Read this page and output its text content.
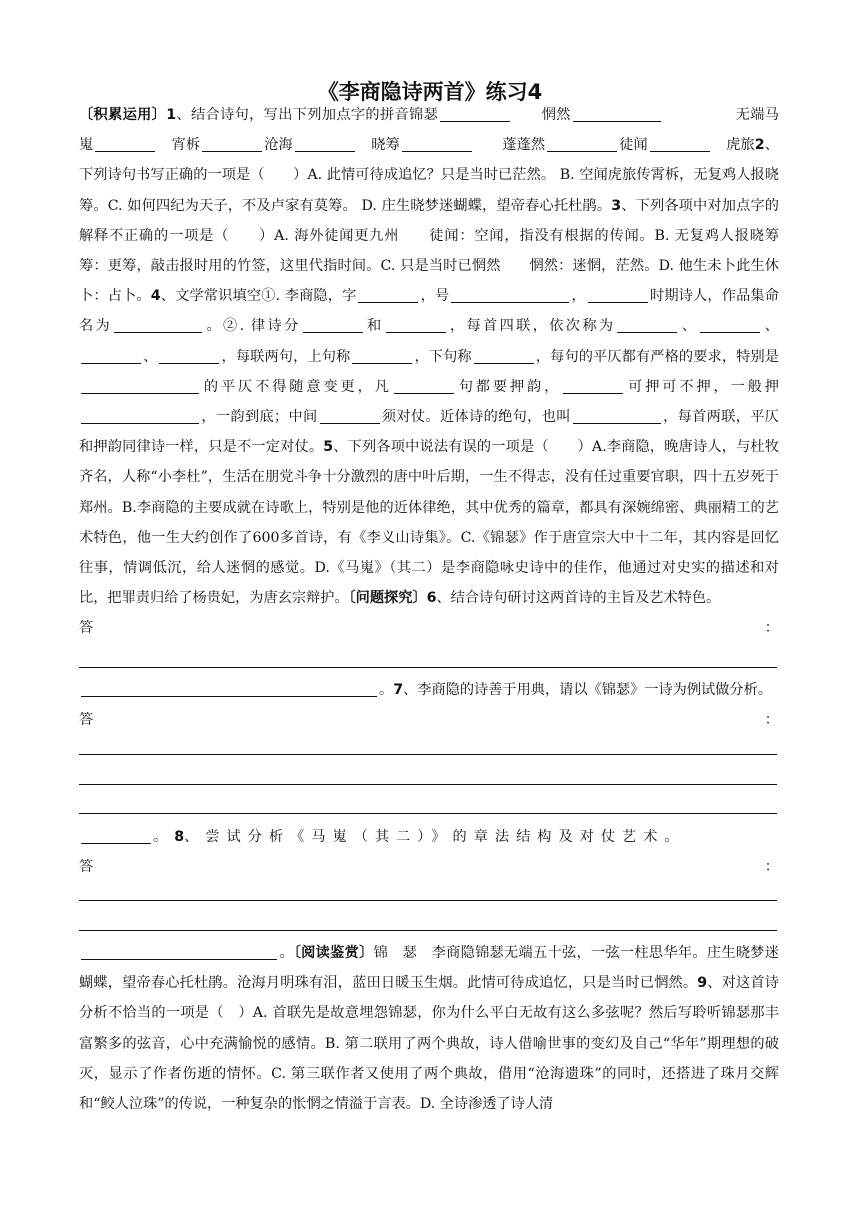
《李商隐诗两首》练习4

〔积累运用〕1、结合诗句，写出下列加点字的拼音锦瑟　　	惘然　　　　　	无端马嵬　	宵柝	沧海　	晓筹　　	蓬蓬然	徒闻　	虎旅2、下列诗句书写正确的一项是（　　）A. 此情可待成追忆？只是当时已茫然。 B. 空闻虎旅传霄柝，无复鸡人报晓筹。C. 如何四纪为天子，不及卢家有莫筹。 D. 庄生晓梦迷蝴蝶，望帝春心托杜鹃。3、下列各项中对加点字的解释不正确的一项是（　　）A. 海外徒闻更九州　　徒闻：空闻，指没有根据的传闻。B. 无复鸡人报晓筹　　筹：更筹，敲击报时用的竹签，这里代指时间。C. 只是当时已惘然　　惘然：迷惘，茫然。D. 他生未卜此生休　　卜：占卜。4、文学常识填空①. 李商隐，字	，号	，	时期诗人，作品集命名为	。②. 律诗分	和	，每首四联，依次称为	、	、、	，每联两句，上句称	，下句称	，每句的平仄都有严格的要求，特别是的平仄不得随意变更，凡	句都要押韵，	可押可不押，一般押，一韵到底；中间	须对仗。近体诗的绝句，也叫	，每首两联，平仄和押韵同律诗一样，只是不一定对仗。5、下列各项中说法有误的一项是（　　）A.李商隐，晚唐诗人，与杜牧齐名，人称“小李杜”，生活在朋党斗争十分激烈的唐中叶后期，一生不得志，没有任过重要官职，四十五岁死于郑州。B.李商隐的主要成就在诗歌上，特别是他的近体律绝，其中优秀的篇章，都具有深婉绵密、典丽精工的艺术特色，他一生大约创作了600多首诗，有《李义山诗集》。C.《锦瑟》作于唐宣宗大中十二年，其内容是回忆往事，情调低沉，给人迷惘的感觉。D.《马嵬》（其二）是李商隐咏史诗中的佳作，他通过对史实的描述和对比，把罪责归给了杨贵妃，为唐玄宗辩护。〔问题探究〕6、结合诗句研讨这两首诗的主旨及艺术特色。

答	：
。7、李商隐的诗善于用典，请以《锦瑟》一诗为例试做分析。
答	：
。　 8、尝试分析《马嵬（其二）》的章法结构及对仗艺术。
答	：
。〔阅读鉴赏〕锦　瑟　 李商隐锦瑟无端五十弦，一弦一柱思华年。庄生晓梦迷蝴蝶，望帝春心托杜鹃。沧海月明珠有泪，蓝田日暖玉生烟。此情可待成追忆，只是当时已惘然。9、对这首诗分析不恰当的一项是（　）A. 首联先是故意埋怨锦瑟，你为什么平白无故有这么多弦呢？然后写聆听锦瑟那丰富繁多的弦音，心中充满愉悦的感情。B. 第二联用了两个典故，诗人借喻世事的变幻及自己“华年”期理想的破灭，显示了作者伤逝的情怀。C. 第三联作者又使用了两个典故，借用“沧海遗珠”的同时，还搭进了珠月交辉和“鲛人泣珠”的传说，一种复杂的怅惘之情溢于言表。D. 全诗渗透了诗人清
